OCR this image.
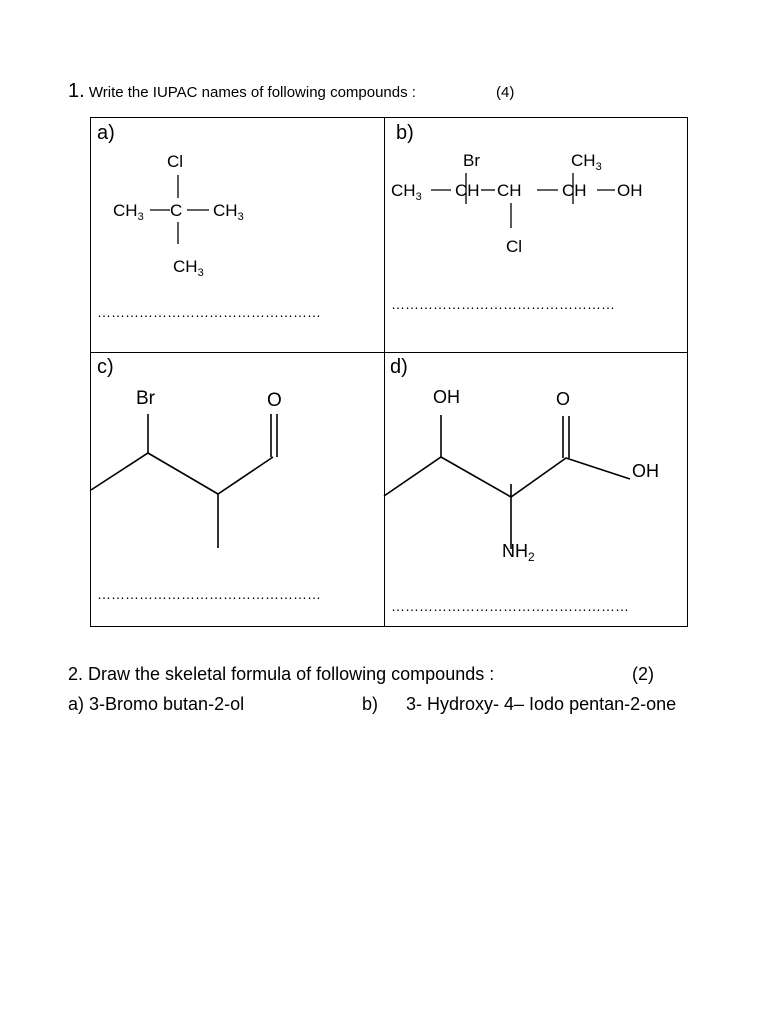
1. Write the IUPAC names of following compounds :	(4)
a)	b)
c)	d)
…………………………………………	…………………………………………
…………………………………………
……………………………………………
Cl
$CH_3$ C $CH_3$
$CH_3$
Br	$CH_3$
$CH_3$ CH CH
Cl
CH OH
Br	O	OH	O
OH
$NH_2$
2. Draw the skeletal formula of following compounds :	(2)
a) 3-Bromo butan-2-ol	b) 3- Hydroxy- 4– Iodo pentan-2-one
